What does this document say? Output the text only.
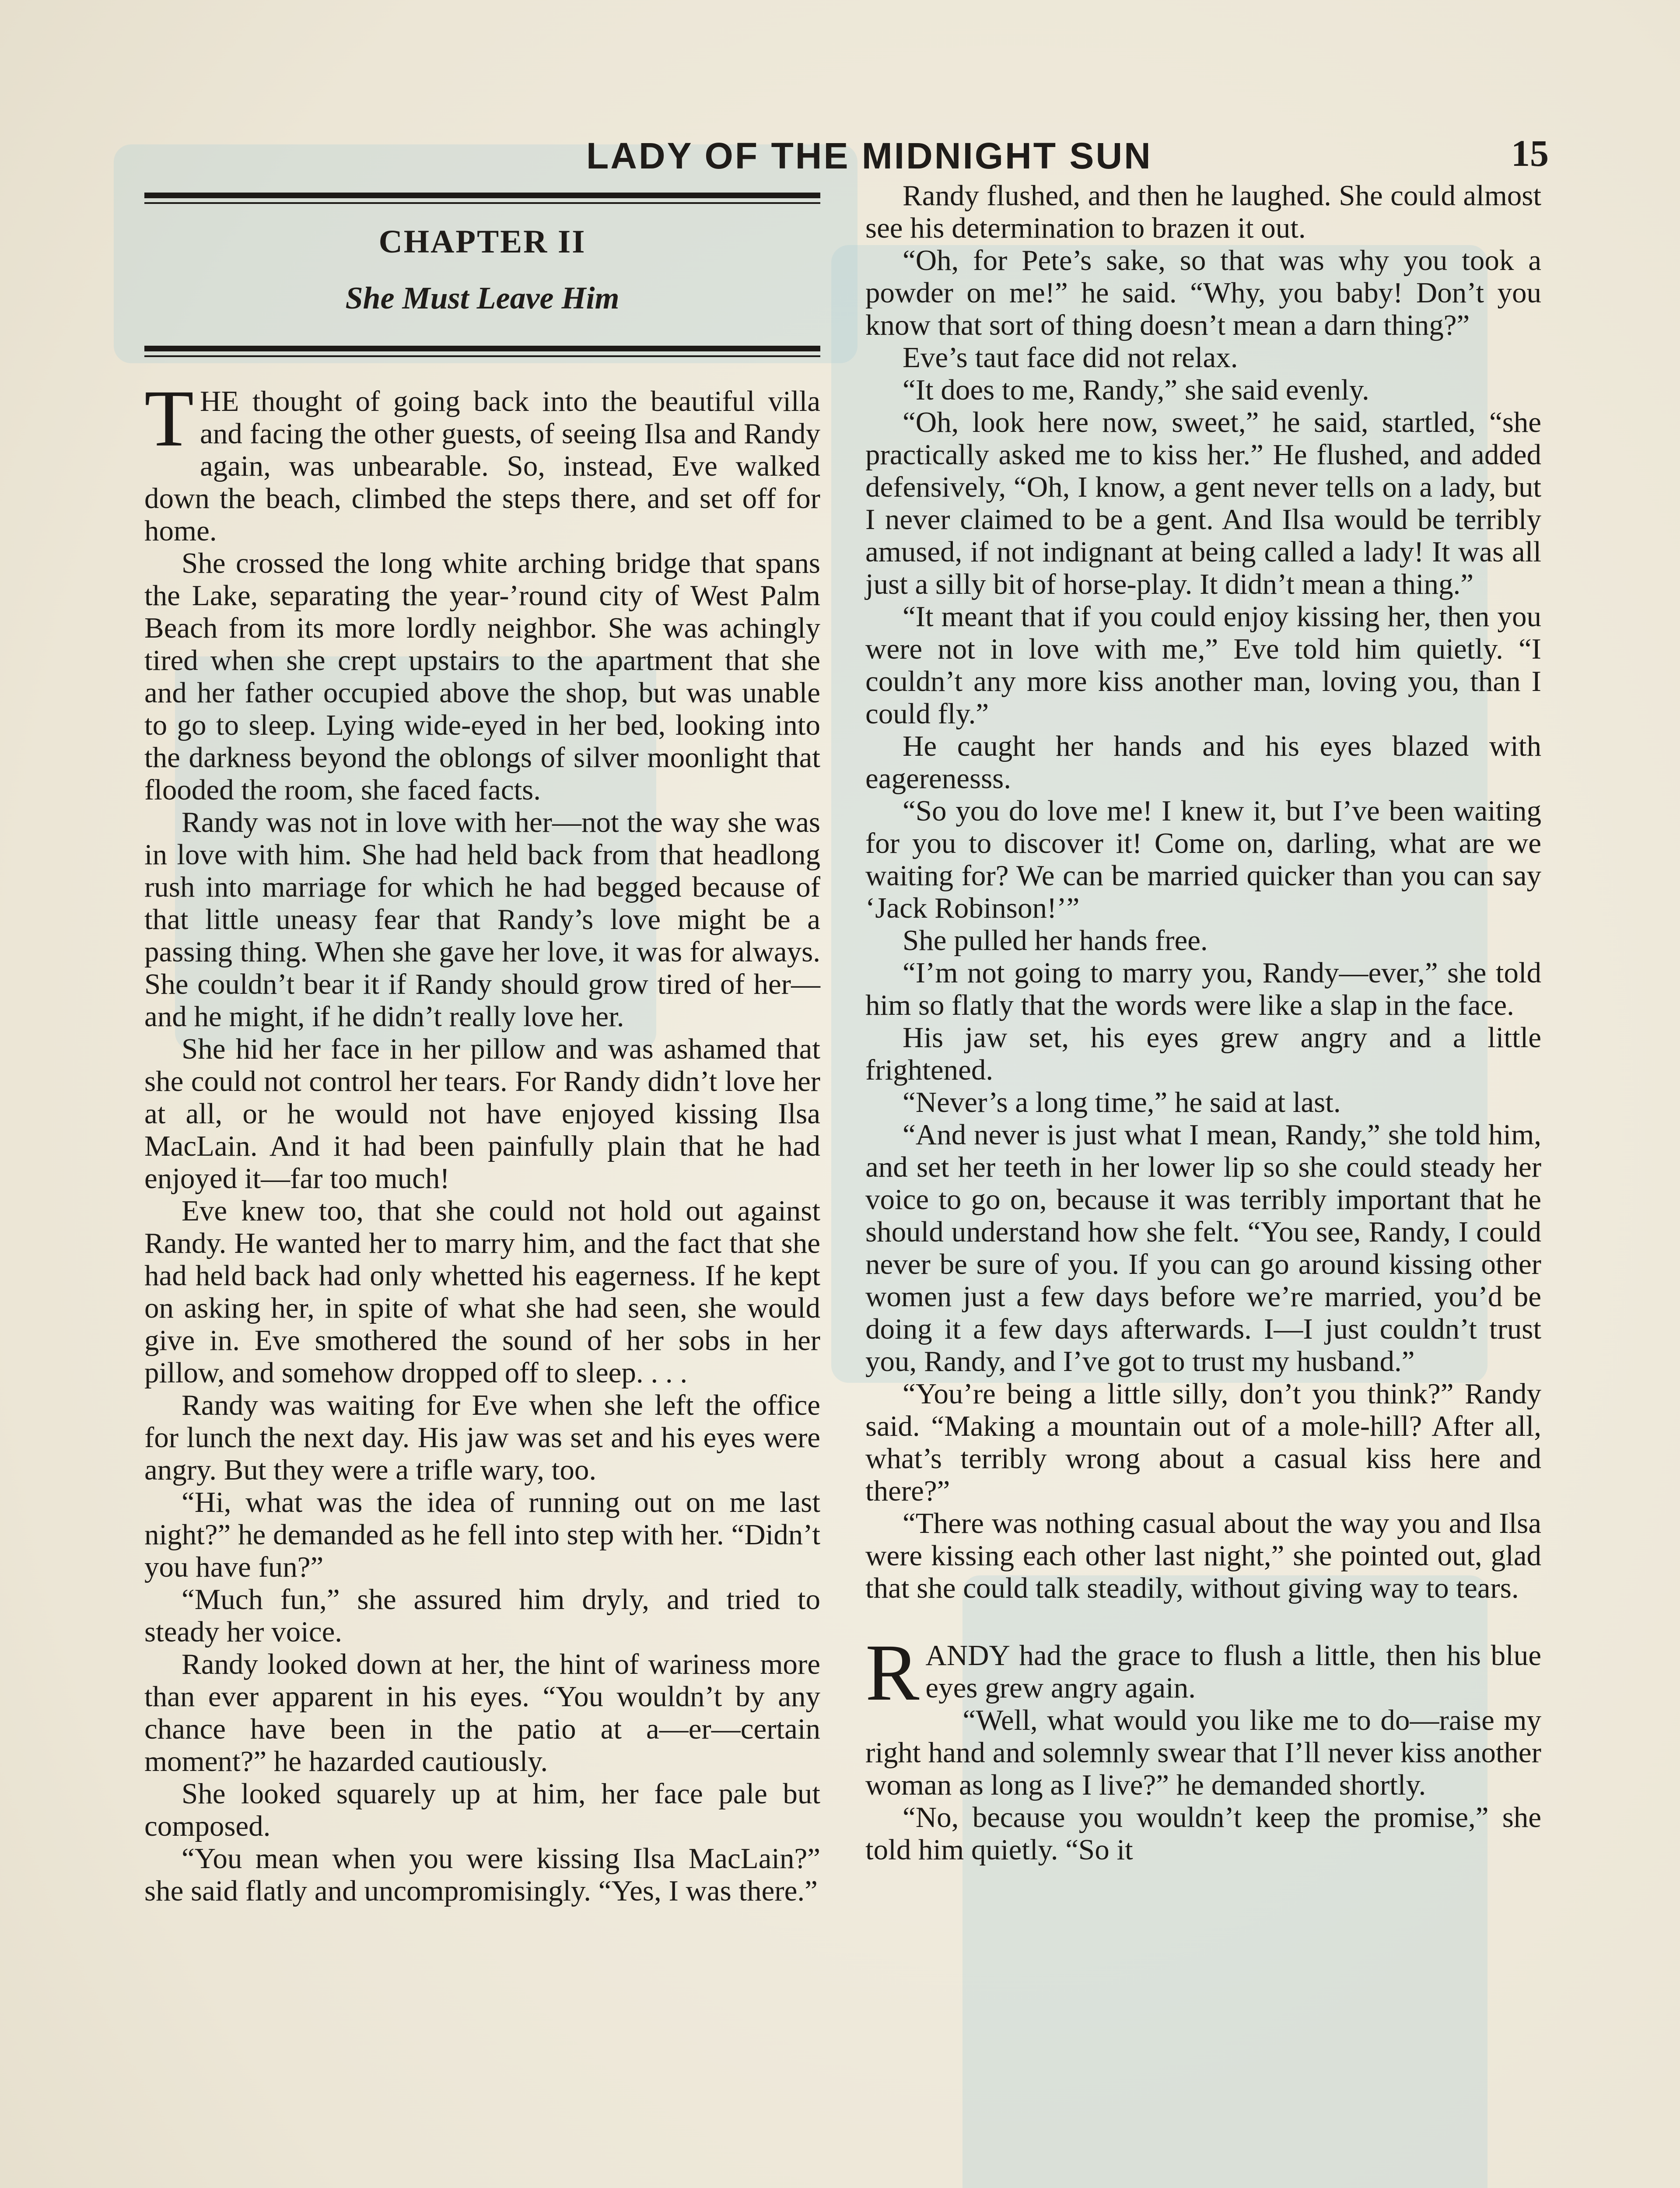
LADY OF THE MIDNIGHT SUN	15
CHAPTER II
She Must Leave Him

THE thought of going back into the beautiful villa and facing the other guests, of seeing Ilsa and Randy again, was unbearable. So, instead, Eve walked down the beach, climbed the steps there, and set off for home.

She crossed the long white arching bridge that spans the Lake, separating the year-’round city of West Palm Beach from its more lordly neighbor. She was achingly tired when she crept upstairs to the apartment that she and her father occupied above the shop, but was unable to go to sleep. Lying wide-eyed in her bed, looking into the darkness beyond the oblongs of silver moonlight that flooded the room, she faced facts.

Randy was not in love with her—not the way she was in love with him. She had held back from that headlong rush into marriage for which he had begged because of that little uneasy fear that Randy’s love might be a passing thing. When she gave her love, it was for always. She couldn’t bear it if Randy should grow tired of her—and he might, if he didn’t really love her.

She hid her face in her pillow and was ashamed that she could not control her tears. For Randy didn’t love her at all, or he would not have enjoyed kissing Ilsa MacLain. And it had been painfully plain that he had enjoyed it—far too much!

Eve knew too, that she could not hold out against Randy. He wanted her to marry him, and the fact that she had held back had only whetted his eagerness. If he kept on asking her, in spite of what she had seen, she would give in. Eve smothered the sound of her sobs in her pillow, and somehow dropped off to sleep. . . .

Randy was waiting for Eve when she left the office for lunch the next day. His jaw was set and his eyes were angry. But they were a trifle wary, too.

“Hi, what was the idea of running out on me last night?” he demanded as he fell into step with her. “Didn’t you have fun?”

“Much fun,” she assured him dryly, and tried to steady her voice.

Randy looked down at her, the hint of wariness more than ever apparent in his eyes. “You wouldn’t by any chance have been in the patio at a—er—certain moment?” he hazarded cautiously.

She looked squarely up at him, her face pale but composed.

“You mean when you were kissing Ilsa MacLain?” she said flatly and uncompromisingly. “Yes, I was there.”

Randy flushed, and then he laughed. She could almost see his determination to brazen it out.

“Oh, for Pete’s sake, so that was why you took a powder on me!” he said. “Why, you baby! Don’t you know that sort of thing doesn’t mean a darn thing?”

Eve’s taut face did not relax.

“It does to me, Randy,” she said evenly.

“Oh, look here now, sweet,” he said, startled, “she practically asked me to kiss her.” He flushed, and added defensively, “Oh, I know, a gent never tells on a lady, but I never claimed to be a gent. And Ilsa would be terribly amused, if not indignant at being called a lady! It was all just a silly bit of horse-play. It didn’t mean a thing.”

“It meant that if you could enjoy kissing her, then you were not in love with me,” Eve told him quietly. “I couldn’t any more kiss another man, loving you, than I could fly.”

He caught her hands and his eyes blazed with eagerenesss.

“So you do love me! I knew it, but I’ve been waiting for you to discover it! Come on, darling, what are we waiting for? We can be married quicker than you can say ‘Jack Robinson!’”

She pulled her hands free.

“I’m not going to marry you, Randy—ever,” she told him so flatly that the words were like a slap in the face.

His jaw set, his eyes grew angry and a little frightened.

“Never’s a long time,” he said at last.

“And never is just what I mean, Randy,” she told him, and set her teeth in her lower lip so she could steady her voice to go on, because it was terribly important that he should understand how she felt. “You see, Randy, I could never be sure of you. If you can go around kissing other women just a few days before we’re married, you’d be doing it a few days afterwards. I—I just couldn’t trust you, Randy, and I’ve got to trust my husband.”

“You’re being a little silly, don’t you think?” Randy said. “Making a mountain out of a mole-hill? After all, what’s terribly wrong about a casual kiss here and there?”

“There was nothing casual about the way you and Ilsa were kissing each other last night,” she pointed out, glad that she could talk steadily, without giving way to tears.

RANDY had the grace to flush a little, then his blue eyes grew angry again.

“Well, what would you like me to do—raise my right hand and solemnly swear that I’ll never kiss another woman as long as I live?” he demanded shortly.

“No, because you wouldn’t keep the promise,” she told him quietly. “So it
